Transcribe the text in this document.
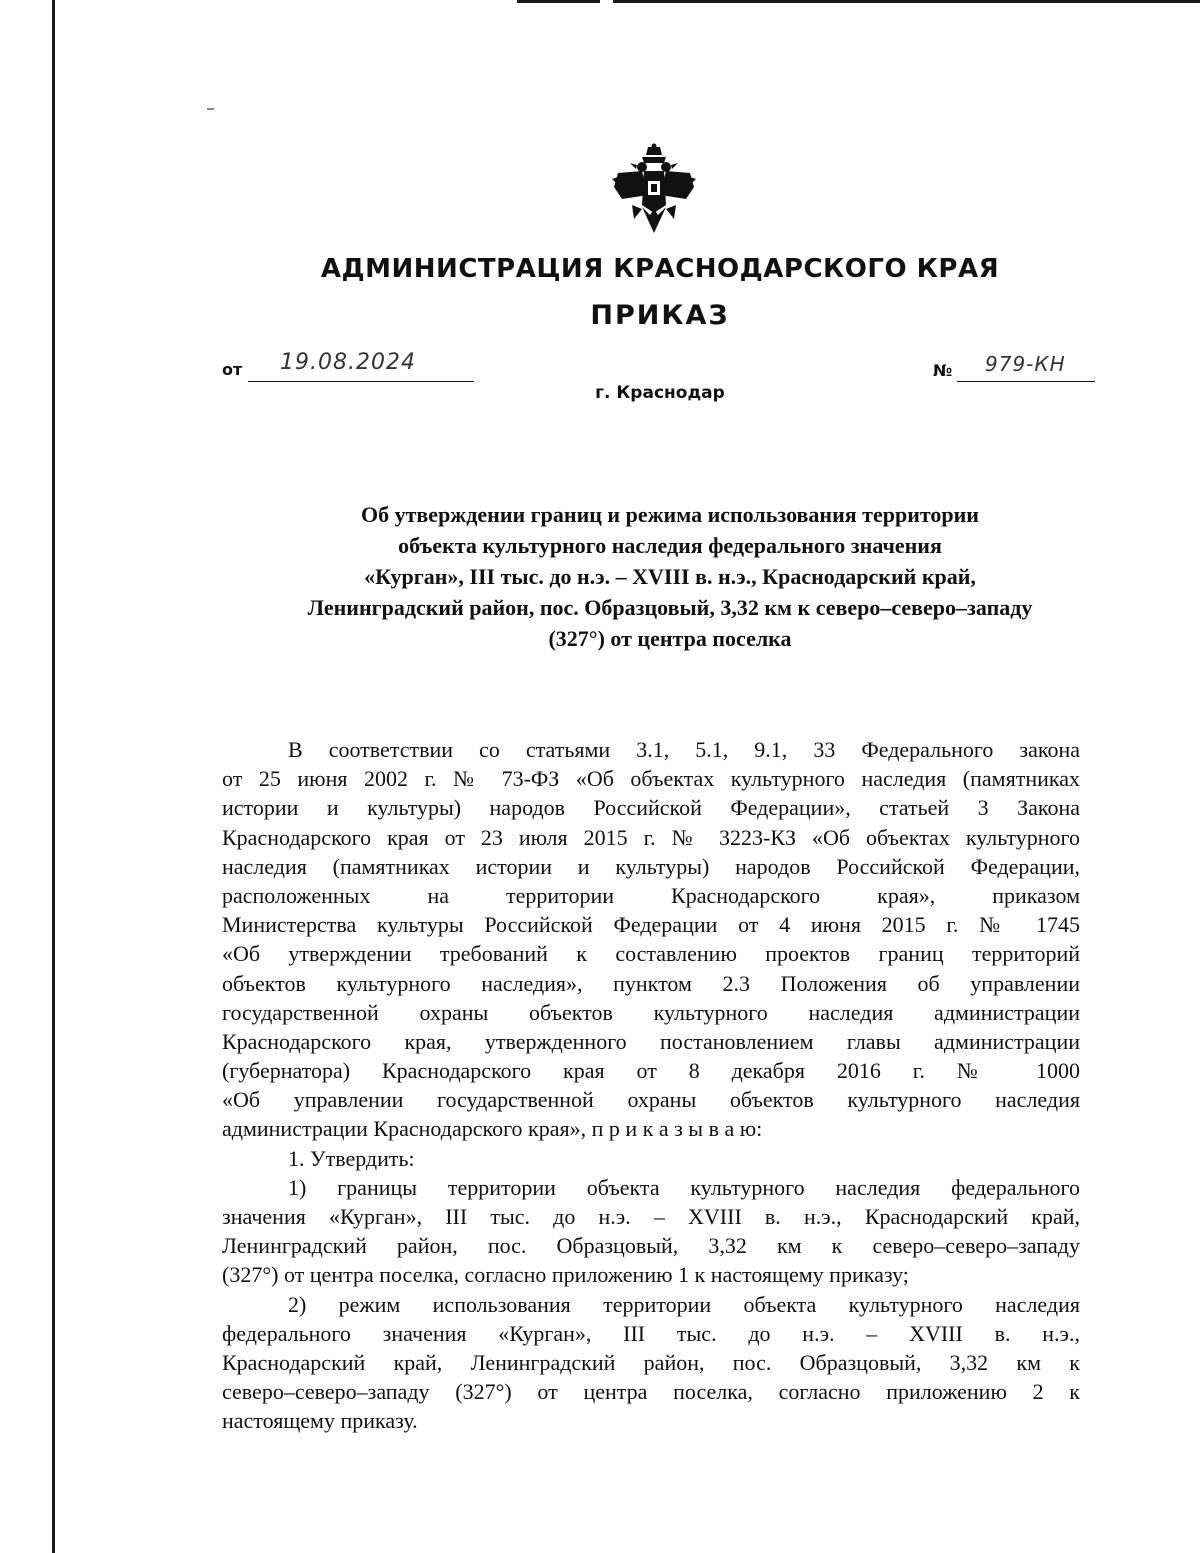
АДМИНИСТРАЦИЯ КРАСНОДАРСКОГО КРАЯ
ПРИКАЗ
от 19.08.2024	№ 979-КН
г. Краснодар
Об утверждении границ и режима использования территории
объекта культурного наследия федерального значения
«Курган», III тыс. до н.э. – XVIII в. н.э., Краснодарский край,
Ленинградский район, пос. Образцовый, 3,32 км к северо–северо–западу
(327°) от центра поселка
В соответствии со статьями 3.1, 5.1, 9.1, 33 Федерального закона
от 25 июня 2002 г. № 73-ФЗ «Об объектах культурного наследия (памятниках
истории и культуры) народов Российской Федерации», статьей 3 Закона
Краснодарского края от 23 июля 2015 г. № 3223-КЗ «Об объектах культурного
наследия (памятниках истории и культуры) народов Российской Федерации,
расположенных на территории Краснодарского края», приказом
Министерства культуры Российской Федерации от 4 июня 2015 г. № 1745
«Об утверждении требований к составлению проектов границ территорий
объектов культурного наследия», пунктом 2.3 Положения об управлении
государственной охраны объектов культурного наследия администрации
Краснодарского края, утвержденного постановлением главы администрации
(губернатора) Краснодарского края от 8 декабря 2016 г. № 1000
«Об управлении государственной охраны объектов культурного наследия
администрации Краснодарского края», п р и к а з ы в а ю:
1. Утвердить:
1) границы территории объекта культурного наследия федерального
значения «Курган», III тыс. до н.э. – XVIII в. н.э., Краснодарский край,
Ленинградский район, пос. Образцовый, 3,32 км к северо–северо–западу
(327°) от центра поселка, согласно приложению 1 к настоящему приказу;
2) режим использования территории объекта культурного наследия
федерального значения «Курган», III тыс. до н.э. – XVIII в. н.э.,
Краснодарский край, Ленинградский район, пос. Образцовый, 3,32 км к
северо–северо–западу (327°) от центра поселка, согласно приложению 2 к
настоящему приказу.
